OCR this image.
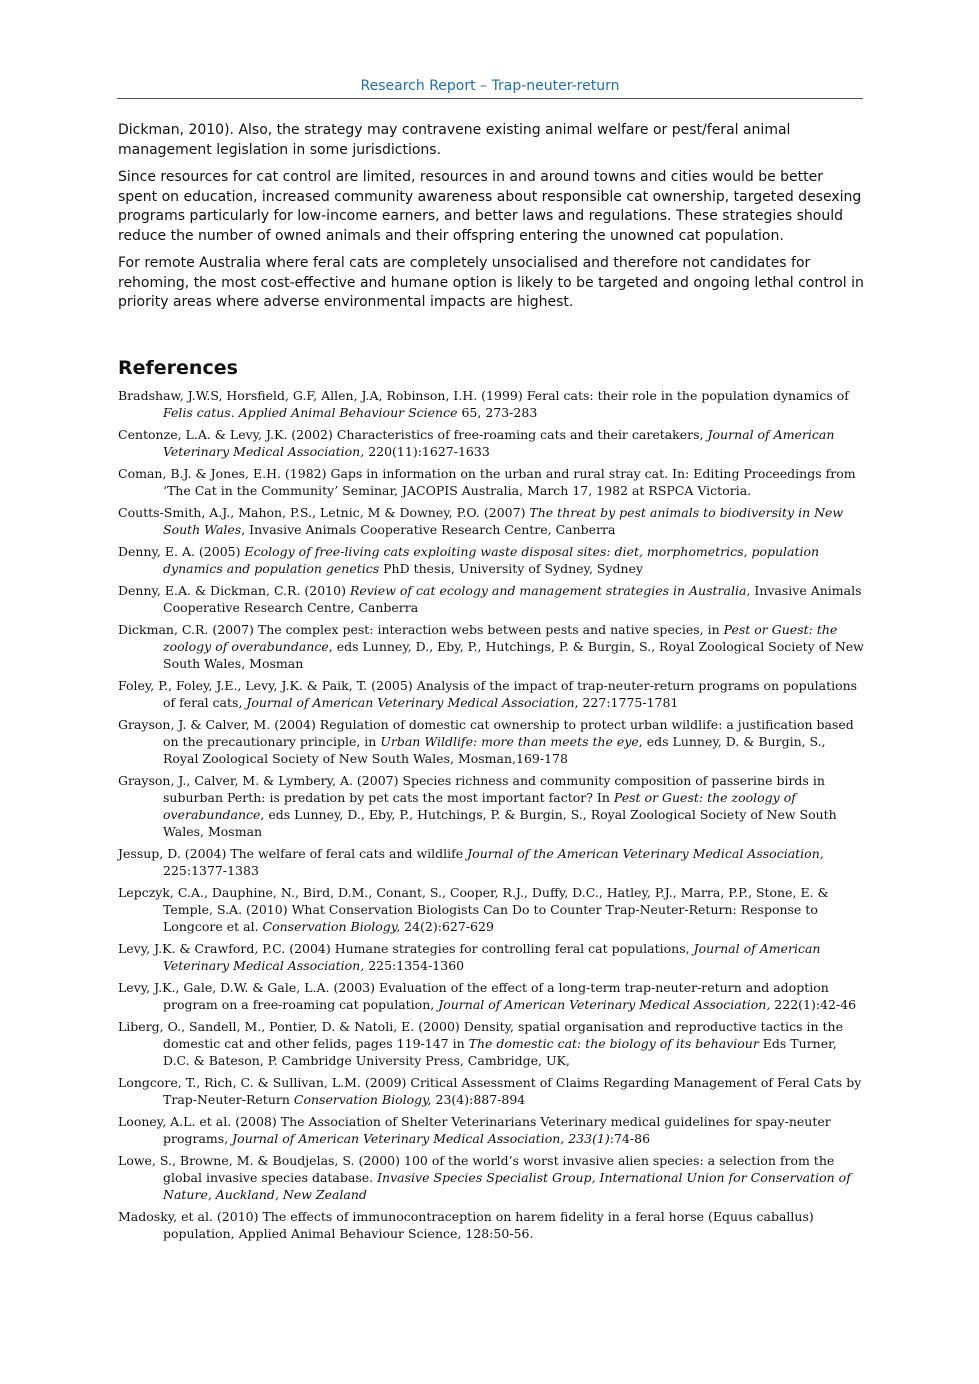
Research Report – Trap-neuter-return

Dickman, 2010). Also, the strategy may contravene existing animal welfare or pest/feral animal management legislation in some jurisdictions.

Since resources for cat control are limited, resources in and around towns and cities would be better spent on education, increased community awareness about responsible cat ownership, targeted desexing programs particularly for low-income earners, and better laws and regulations. These strategies should reduce the number of owned animals and their offspring entering the unowned cat population.

For remote Australia where feral cats are completely unsocialised and therefore not candidates for rehoming, the most cost-effective and humane option is likely to be targeted and ongoing lethal control in priority areas where adverse environmental impacts are highest.

References

Bradshaw, J.W.S, Horsfield, G.F, Allen, J.A, Robinson, I.H. (1999) Feral cats: their role in the population dynamics of Felis catus. Applied Animal Behaviour Science 65, 273-283

Centonze, L.A. & Levy, J.K. (2002) Characteristics of free-roaming cats and their caretakers, Journal of American Veterinary Medical Association, 220(11):1627-1633

Coman, B.J. & Jones, E.H. (1982) Gaps in information on the urban and rural stray cat. In: Editing Proceedings from ‘The Cat in the Community’ Seminar, JACOPIS Australia, March 17, 1982 at RSPCA Victoria.

Coutts-Smith, A.J., Mahon, P.S., Letnic, M & Downey, P.O. (2007) The threat by pest animals to biodiversity in New South Wales, Invasive Animals Cooperative Research Centre, Canberra

Denny, E. A. (2005) Ecology of free-living cats exploiting waste disposal sites: diet, morphometrics, population dynamics and population genetics PhD thesis, University of Sydney, Sydney

Denny, E.A. & Dickman, C.R. (2010) Review of cat ecology and management strategies in Australia, Invasive Animals Cooperative Research Centre, Canberra

Dickman, C.R. (2007) The complex pest: interaction webs between pests and native species, in Pest or Guest: the zoology of overabundance, eds Lunney, D., Eby, P., Hutchings, P. & Burgin, S., Royal Zoological Society of New South Wales, Mosman

Foley, P., Foley, J.E., Levy, J.K. & Paik, T. (2005) Analysis of the impact of trap-neuter-return programs on populations of feral cats, Journal of American Veterinary Medical Association, 227:1775-1781

Grayson, J. & Calver, M. (2004) Regulation of domestic cat ownership to protect urban wildlife: a justification based on the precautionary principle, in Urban Wildlife: more than meets the eye, eds Lunney, D. & Burgin, S., Royal Zoological Society of New South Wales, Mosman,169-178

Grayson, J., Calver, M. & Lymbery, A. (2007) Species richness and community composition of passerine birds in suburban Perth: is predation by pet cats the most important factor? In Pest or Guest: the zoology of overabundance, eds Lunney, D., Eby, P., Hutchings, P. & Burgin, S., Royal Zoological Society of New South Wales, Mosman

Jessup, D. (2004) The welfare of feral cats and wildlife Journal of the American Veterinary Medical Association, 225:1377-1383

Lepczyk, C.A., Dauphine, N., Bird, D.M., Conant, S., Cooper, R.J., Duffy, D.C., Hatley, P.J., Marra, P.P., Stone, E. & Temple, S.A. (2010) What Conservation Biologists Can Do to Counter Trap-Neuter-Return: Response to Longcore et al. Conservation Biology, 24(2):627-629

Levy, J.K. & Crawford, P.C. (2004) Humane strategies for controlling feral cat populations, Journal of American Veterinary Medical Association, 225:1354-1360

Levy, J.K., Gale, D.W. & Gale, L.A. (2003) Evaluation of the effect of a long-term trap-neuter-return and adoption program on a free-roaming cat population, Journal of American Veterinary Medical Association, 222(1):42-46

Liberg, O., Sandell, M., Pontier, D. & Natoli, E. (2000) Density, spatial organisation and reproductive tactics in the domestic cat and other felids, pages 119-147 in The domestic cat: the biology of its behaviour Eds Turner, D.C. & Bateson, P. Cambridge University Press, Cambridge, UK,

Longcore, T., Rich, C. & Sullivan, L.M. (2009) Critical Assessment of Claims Regarding Management of Feral Cats by Trap-Neuter-Return Conservation Biology, 23(4):887-894

Looney, A.L. et al. (2008) The Association of Shelter Veterinarians Veterinary medical guidelines for spay-neuter programs, Journal of American Veterinary Medical Association, 233(1):74-86

Lowe, S., Browne, M. & Boudjelas, S. (2000) 100 of the world’s worst invasive alien species: a selection from the global invasive species database. Invasive Species Specialist Group, International Union for Conservation of Nature, Auckland, New Zealand

Madosky, et al. (2010) The effects of immunocontraception on harem fidelity in a feral horse (Equus caballus) population, Applied Animal Behaviour Science, 128:50-56.
